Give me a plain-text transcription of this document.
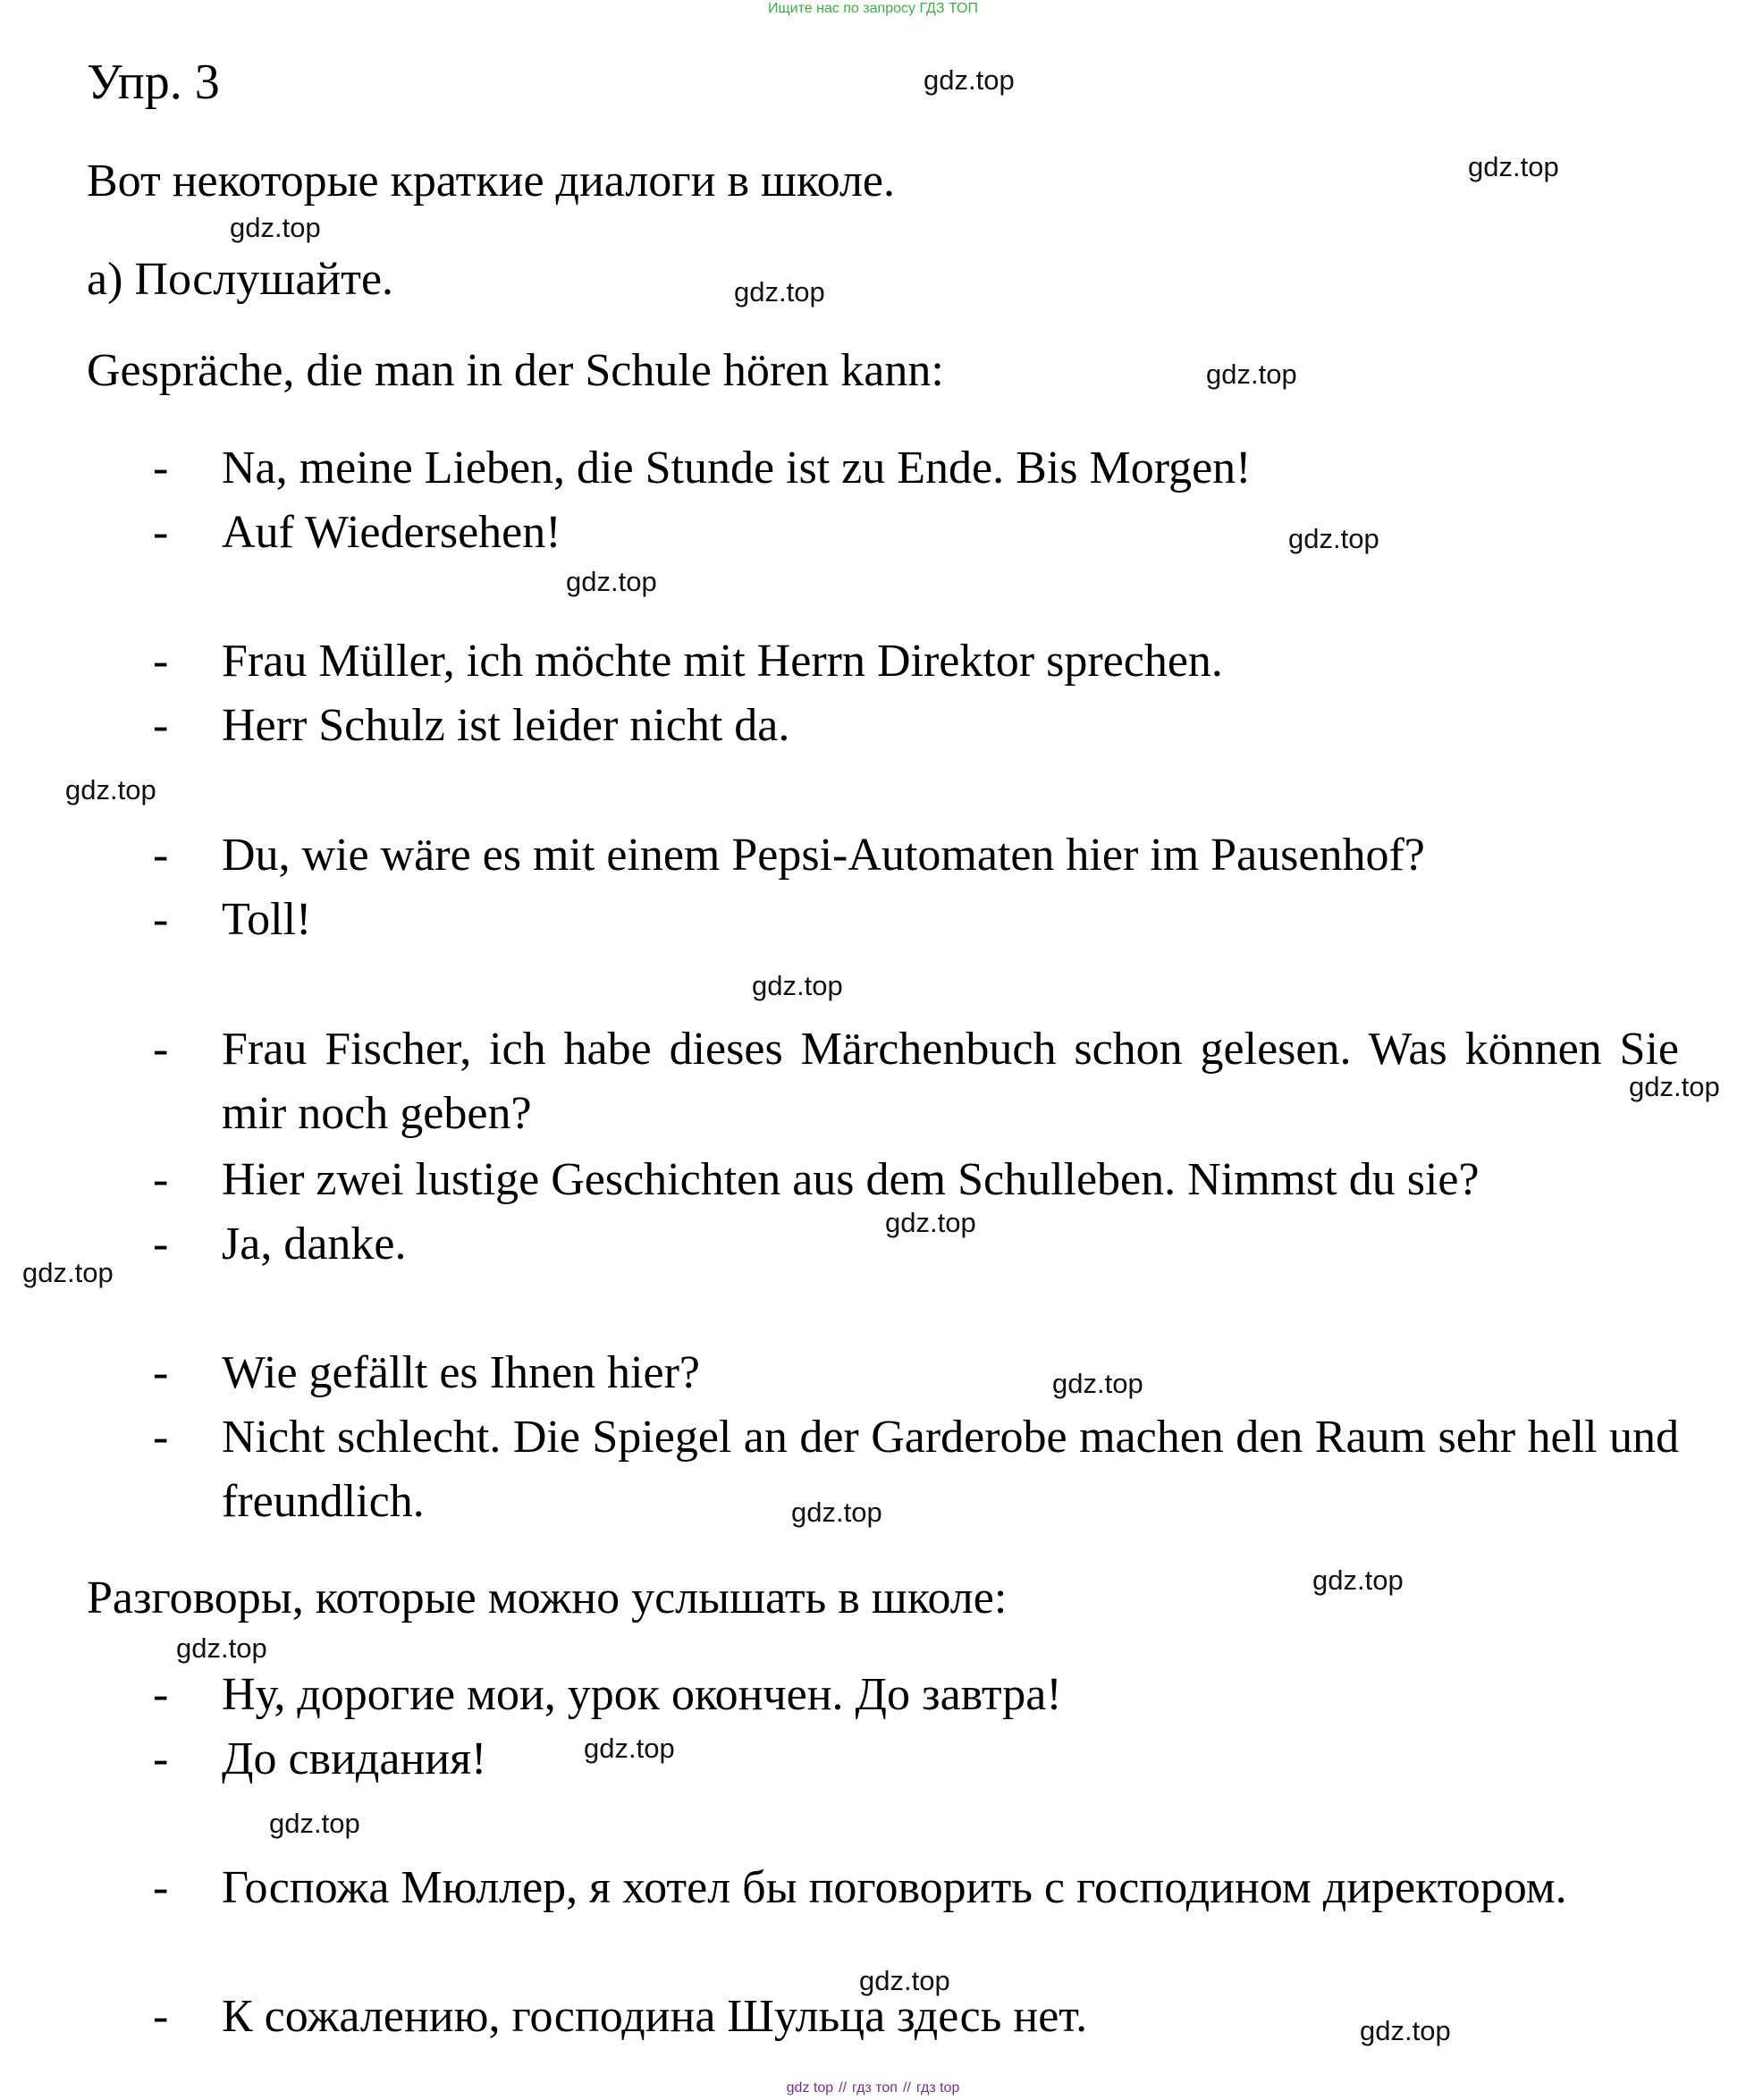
Ищите нас по запросу ГДЗ ТОП
Упр. 3
Вот некоторые краткие диалоги в школе.
а) Послушайте.
Gespräche, die man in der Schule hören kann:
- Na, meine Lieben, die Stunde ist zu Ende. Bis Morgen!
- Auf Wiedersehen!
- Frau Müller, ich möchte mit Herrn Direktor sprechen.
- Herr Schulz ist leider nicht da.
- Du, wie wäre es mit einem Pepsi-Automaten hier im Pausenhof?
- Toll!
- Frau Fischer, ich habe dieses Märchenbuch schon gelesen. Was können Sie mir noch geben?
- Hier zwei lustige Geschichten aus dem Schulleben. Nimmst du sie?
- Ja, danke.
- Wie gefällt es Ihnen hier?
- Nicht schlecht. Die Spiegel an der Garderobe machen den Raum sehr hell und freundlich.
Разговоры, которые можно услышать в школе:
- Ну, дорогие мои, урок окончен. До завтра!
- До свидания!
- Госпожа Мюллер, я хотел бы поговорить с господином директором.
- К сожалению, господина Шульца здесь нет.
gdz.top
gdz.top
gdz.top
gdz.top
gdz.top
gdz.top
gdz.top
gdz.top
gdz.top
gdz.top
gdz.top
gdz.top
gdz.top
gdz.top
gdz.top
gdz.top
gdz.top
gdz.top
gdz.top
gdz.top
gdz top // гдз топ // гдз top
